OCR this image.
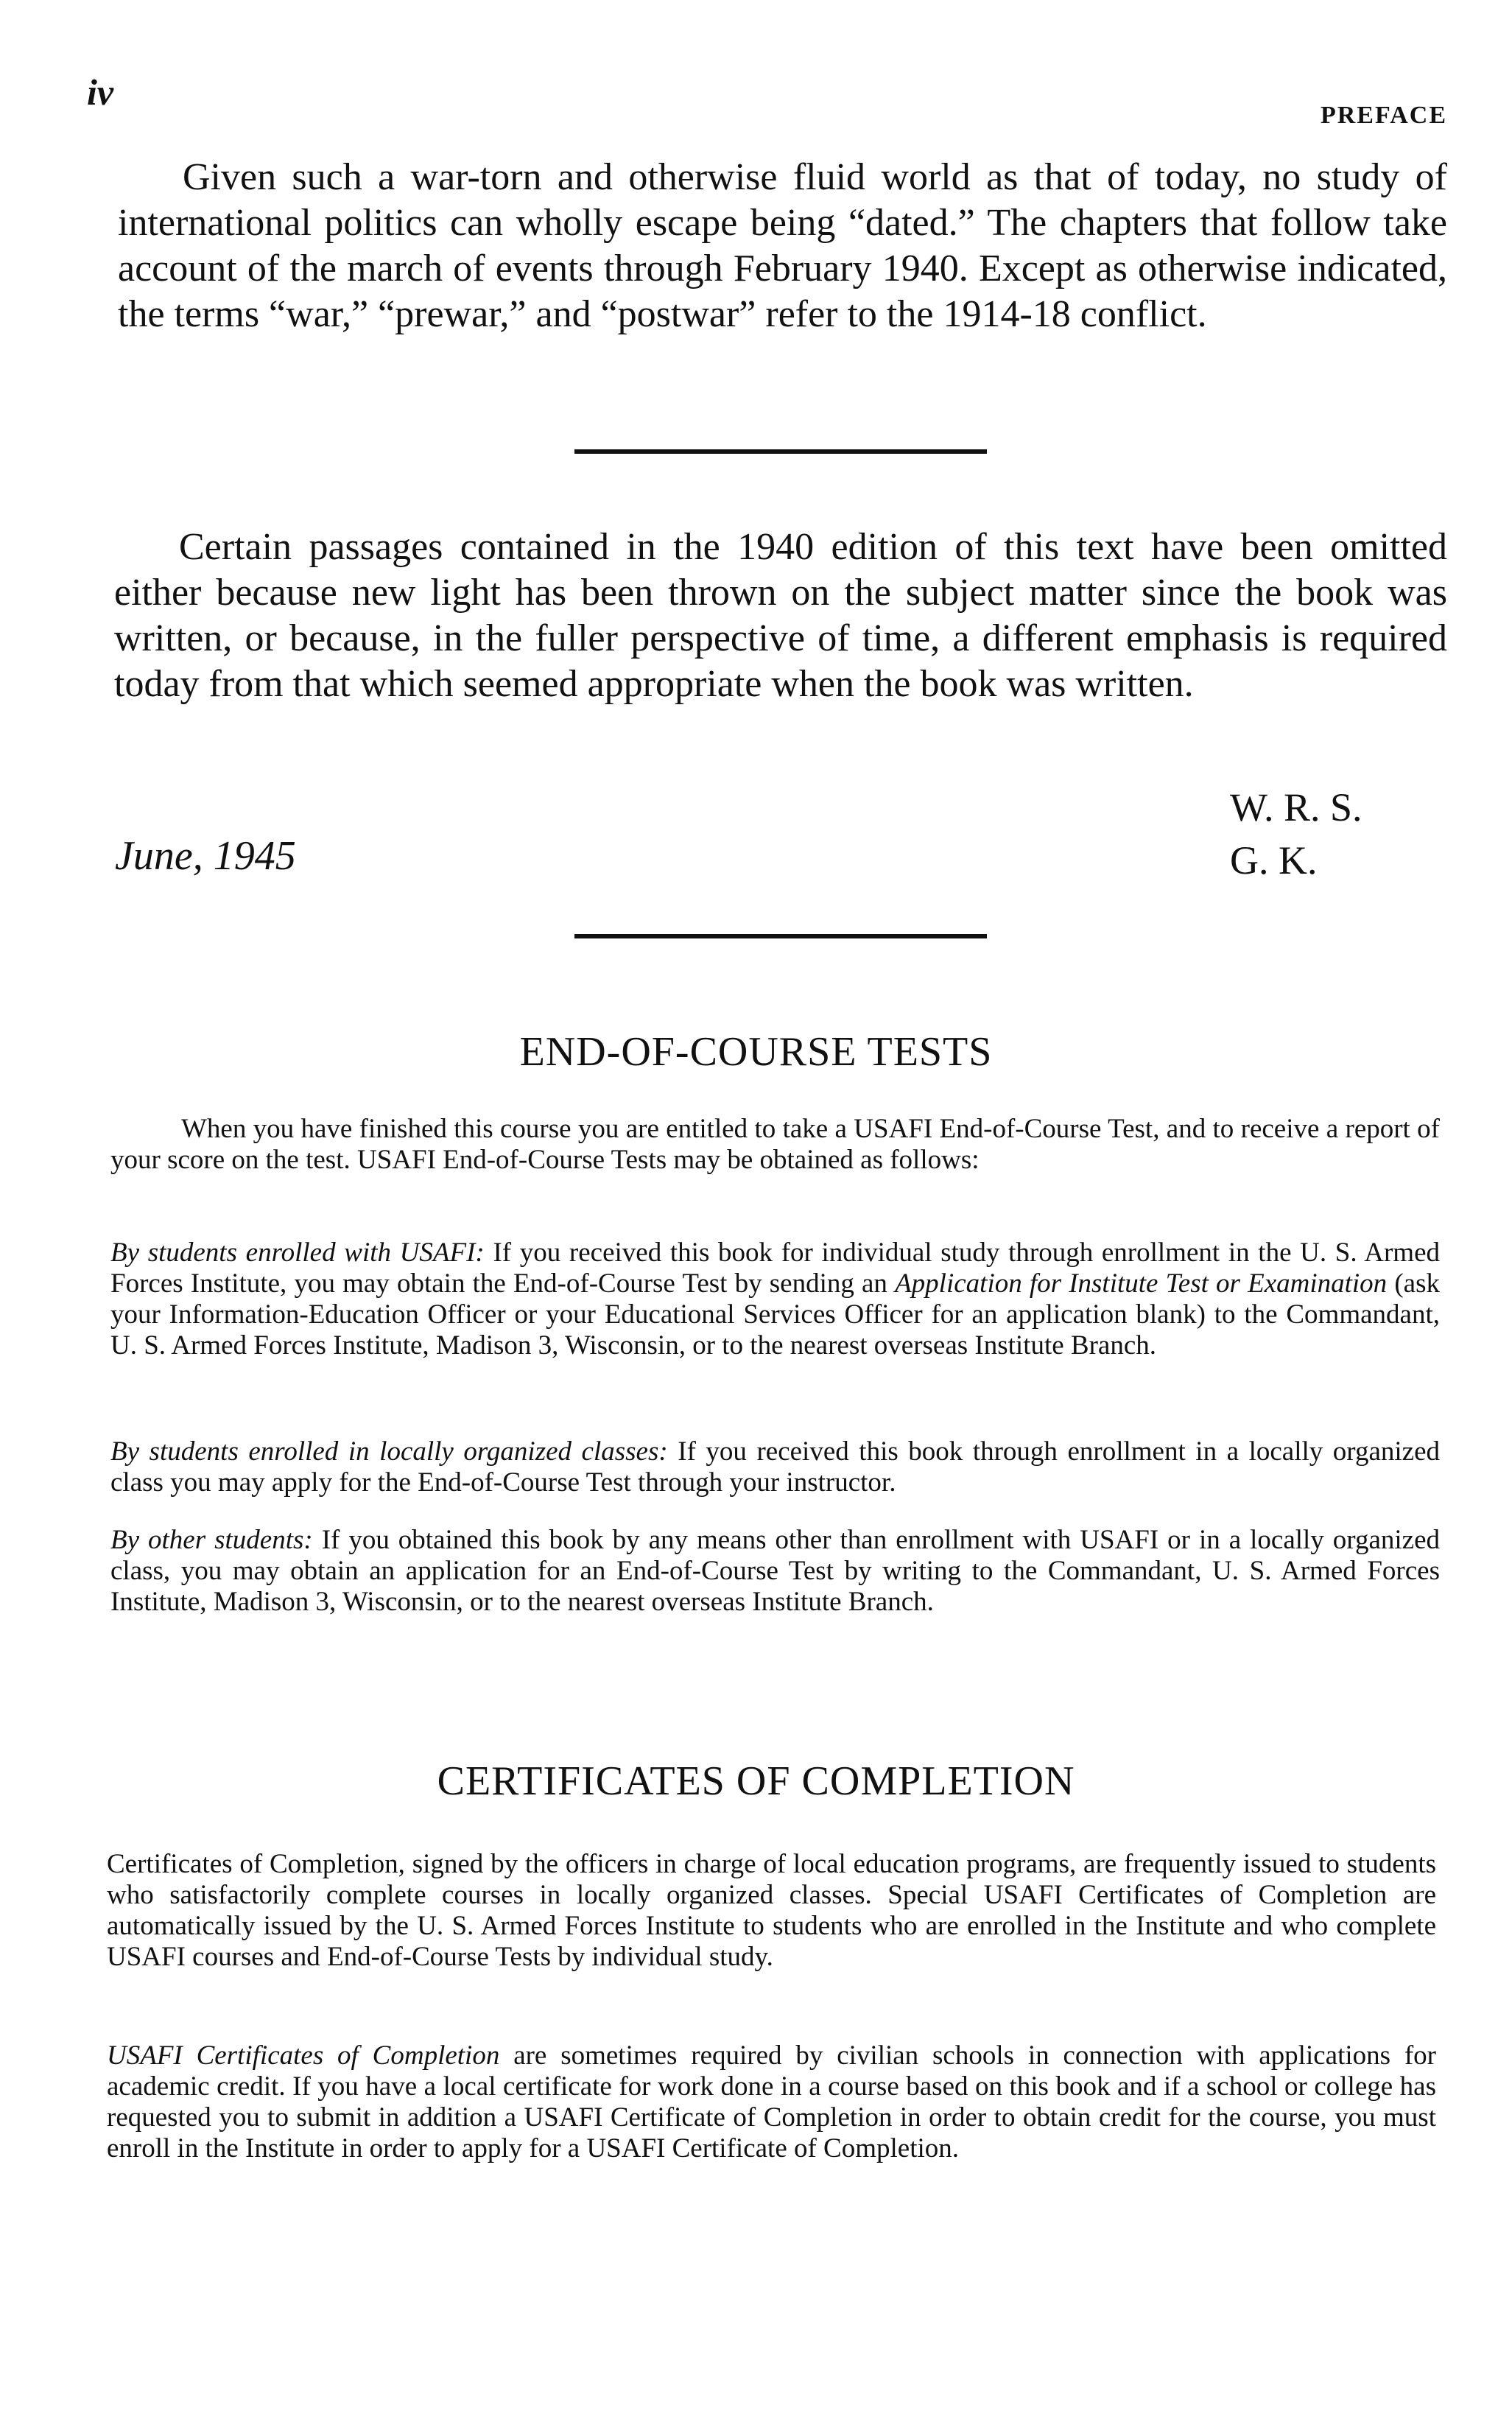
iv
PREFACE

Given such a war-torn and otherwise fluid world as that of today, no study of international politics can wholly escape being “dated.” The chapters that follow take account of the march of events through February 1940. Except as otherwise indicated, the terms “war,” “prewar,” and “postwar” refer to the 1914-18 conflict.

Certain passages contained in the 1940 edition of this text have been omitted either because new light has been thrown on the subject matter since the book was written, or because, in the fuller perspective of time, a different emphasis is required today from that which seemed appropriate when the book was written.

June, 1945
W. R. S.
G. K.
END-OF-COURSE TESTS

When you have finished this course you are entitled to take a USAFI End-of-Course Test, and to receive a report of your score on the test. USAFI End-of-Course Tests may be obtained as follows:

By students enrolled with USAFI: If you received this book for individual study through enrollment in the U. S. Armed Forces Institute, you may obtain the End-of-Course Test by sending an Application for Institute Test or Examination (ask your Information-Education Officer or your Educational Services Officer for an application blank) to the Commandant, U. S. Armed Forces Institute, Madison 3, Wisconsin, or to the nearest overseas Institute Branch.

By students enrolled in locally organized classes: If you received this book through enrollment in a locally organized class you may apply for the End-of-Course Test through your instructor.

By other students: If you obtained this book by any means other than enrollment with USAFI or in a locally organized class, you may obtain an application for an End-of-Course Test by writing to the Commandant, U. S. Armed Forces Institute, Madison 3, Wisconsin, or to the nearest overseas Institute Branch.

CERTIFICATES OF COMPLETION

Certificates of Completion, signed by the officers in charge of local education programs, are frequently issued to students who satisfactorily complete courses in locally organized classes. Special USAFI Certificates of Completion are automatically issued by the U. S. Armed Forces Institute to students who are enrolled in the Institute and who complete USAFI courses and End-of-Course Tests by individual study.

USAFI Certificates of Completion are sometimes required by civilian schools in connection with applications for academic credit. If you have a local certificate for work done in a course based on this book and if a school or college has requested you to submit in addition a USAFI Certificate of Completion in order to obtain credit for the course, you must enroll in the Institute in order to apply for a USAFI Certificate of Completion.
